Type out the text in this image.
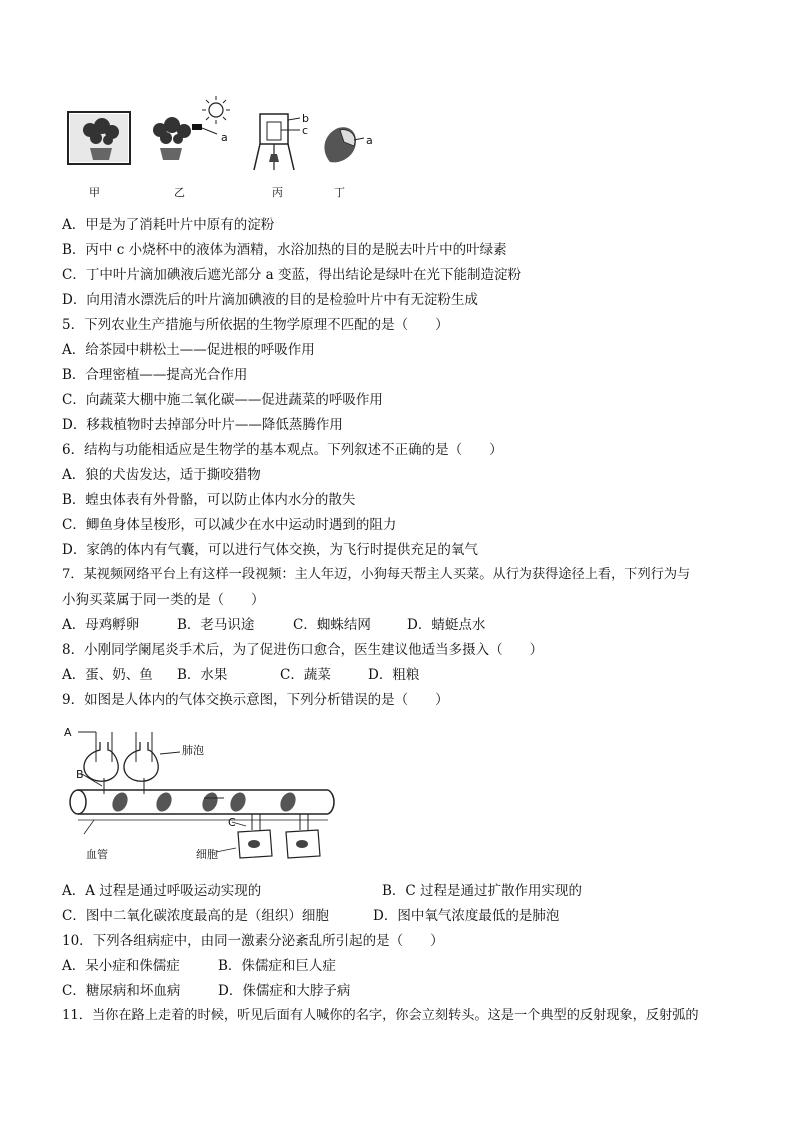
a
b
c
a
甲	乙	丙	丁
A．甲是为了消耗叶片中原有的淀粉
B．丙中 c 小烧杯中的液体为酒精，水浴加热的目的是脱去叶片中的叶绿素
C．丁中叶片滴加碘液后遮光部分 a 变蓝，得出结论是绿叶在光下能制造淀粉
D．向用清水漂洗后的叶片滴加碘液的目的是检验叶片中有无淀粉生成
5．下列农业生产措施与所依据的生物学原理不匹配的是（　　）
A．给茶园中耕松土——促进根的呼吸作用
B．合理密植——提高光合作用
C．向蔬菜大棚中施二氧化碳——促进蔬菜的呼吸作用
D．移栽植物时去掉部分叶片——降低蒸腾作用
6．结构与功能相适应是生物学的基本观点。下列叙述不正确的是（　　）
A．狼的犬齿发达，适于撕咬猎物
B．蝗虫体表有外骨骼，可以防止体内水分的散失
C．鲫鱼身体呈梭形，可以减少在水中运动时遇到的阻力
D．家鸽的体内有气囊，可以进行气体交换，为飞行时提供充足的氧气
7．某视频网络平台上有这样一段视频：主人年迈，小狗每天帮主人买菜。从行为获得途径上看，下列行为与
小狗买菜属于同一类的是（　　）
A．母鸡孵卵	B．老马识途	C．蜘蛛结网	D．蜻蜓点水
8．小刚同学阑尾炎手术后，为了促进伤口愈合，医生建议他适当多摄入（　　）
A．蛋、奶、鱼 B．水果	C．蔬菜	D．粗粮
9．如图是人体内的气体交换示意图，下列分析错误的是（　　）
A
B
C
肺泡
血管	细胞
A．A 过程是通过呼吸运动实现的	B．C 过程是通过扩散作用实现的
C．图中二氧化碳浓度最高的是（组织）细胞	D．图中氧气浓度最低的是肺泡
10．下列各组病症中，由同一激素分泌紊乱所引起的是（　　）
A．呆小症和侏儒症	B．侏儒症和巨人症
C．糖尿病和坏血病	D．侏儒症和大脖子病
11．当你在路上走着的时候，听见后面有人喊你的名字，你会立刻转头。这是一个典型的反射现象，反射弧的
